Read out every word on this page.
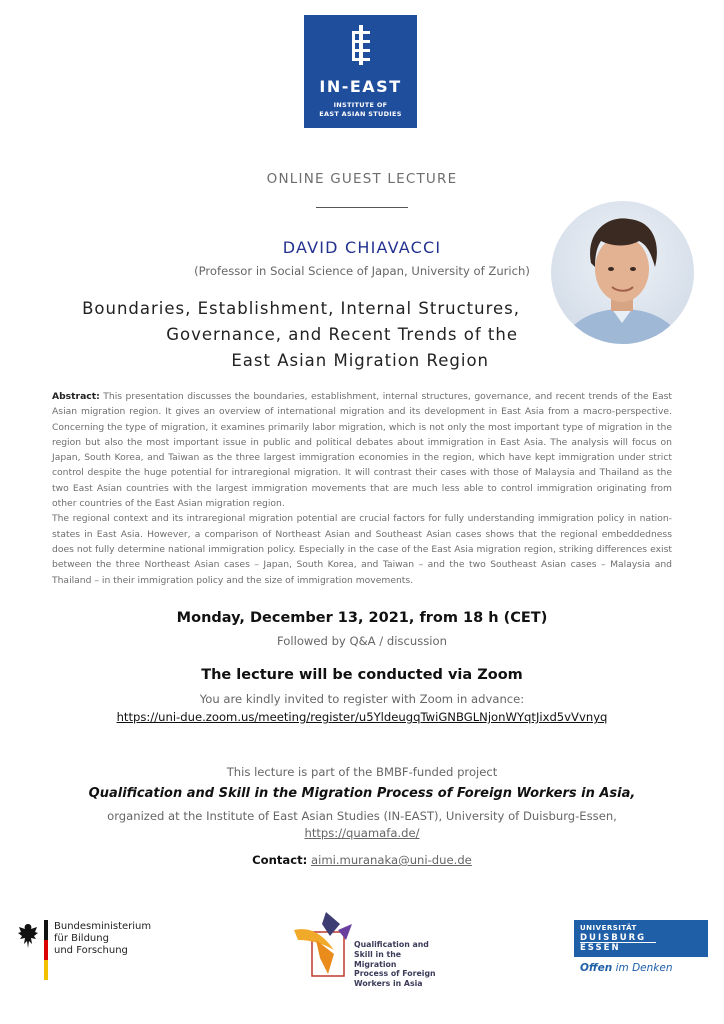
IN-EAST
INSTITUTE OF
EAST ASIAN STUDIES
ONLINE GUEST LECTURE
DAVID CHIAVACCI
(Professor in Social Science of Japan, University of Zurich)
Boundaries, Establishment, Internal Structures,
Governance, and Recent Trends of the
East Asian Migration Region

Abstract: This presentation discusses the boundaries, establishment, internal structures, governance, and recent trends of the East Asian migration region. It gives an overview of international migration and its development in East Asia from a macro-perspective. Concerning the type of migration, it examines primarily labor migration, which is not only the most important type of migration in the region but also the most important issue in public and political debates about immigration in East Asia. The analysis will focus on Japan, South Korea, and Taiwan as the three largest immigration economies in the region, which have kept immigration under strict control despite the huge potential for intraregional migration. It will contrast their cases with those of Malaysia and Thailand as the two East Asian countries with the largest immigration movements that are much less able to control immigration originating from other countries of the East Asian migration region.

The regional context and its intraregional migration potential are crucial factors for fully understanding immigration policy in nation-states in East Asia. However, a comparison of Northeast Asian and Southeast Asian cases shows that the regional embeddedness does not fully determine national immigration policy. Especially in the case of the East Asia migration region, striking differences exist between the three Northeast Asian cases – Japan, South Korea, and Taiwan – and the two Southeast Asian cases – Malaysia and Thailand – in their immigration policy and the size of immigration movements.

Monday, December 13, 2021, from 18 h (CET)
Followed by Q&A / discussion
The lecture will be conducted via Zoom
You are kindly invited to register with Zoom in advance:
https://uni-due.zoom.us/meeting/register/u5YldeugqTwiGNBGLNjonWYqtJixd5vVvnyq
This lecture is part of the BMBF-funded project
Qualification and Skill in the Migration Process of Foreign Workers in Asia,
organized at the Institute of East Asian Studies (IN-EAST), University of Duisburg-Essen,
https://quamafa.de/
Contact: aimi.muranaka@uni-due.de
Bundesministerium
für Bildung
und Forschung
Qualification and
Skill in the Migration
Process of Foreign
Workers in Asia
UNIVERSITÄT
DUISBURG
ESSEN
Offen im Denken
